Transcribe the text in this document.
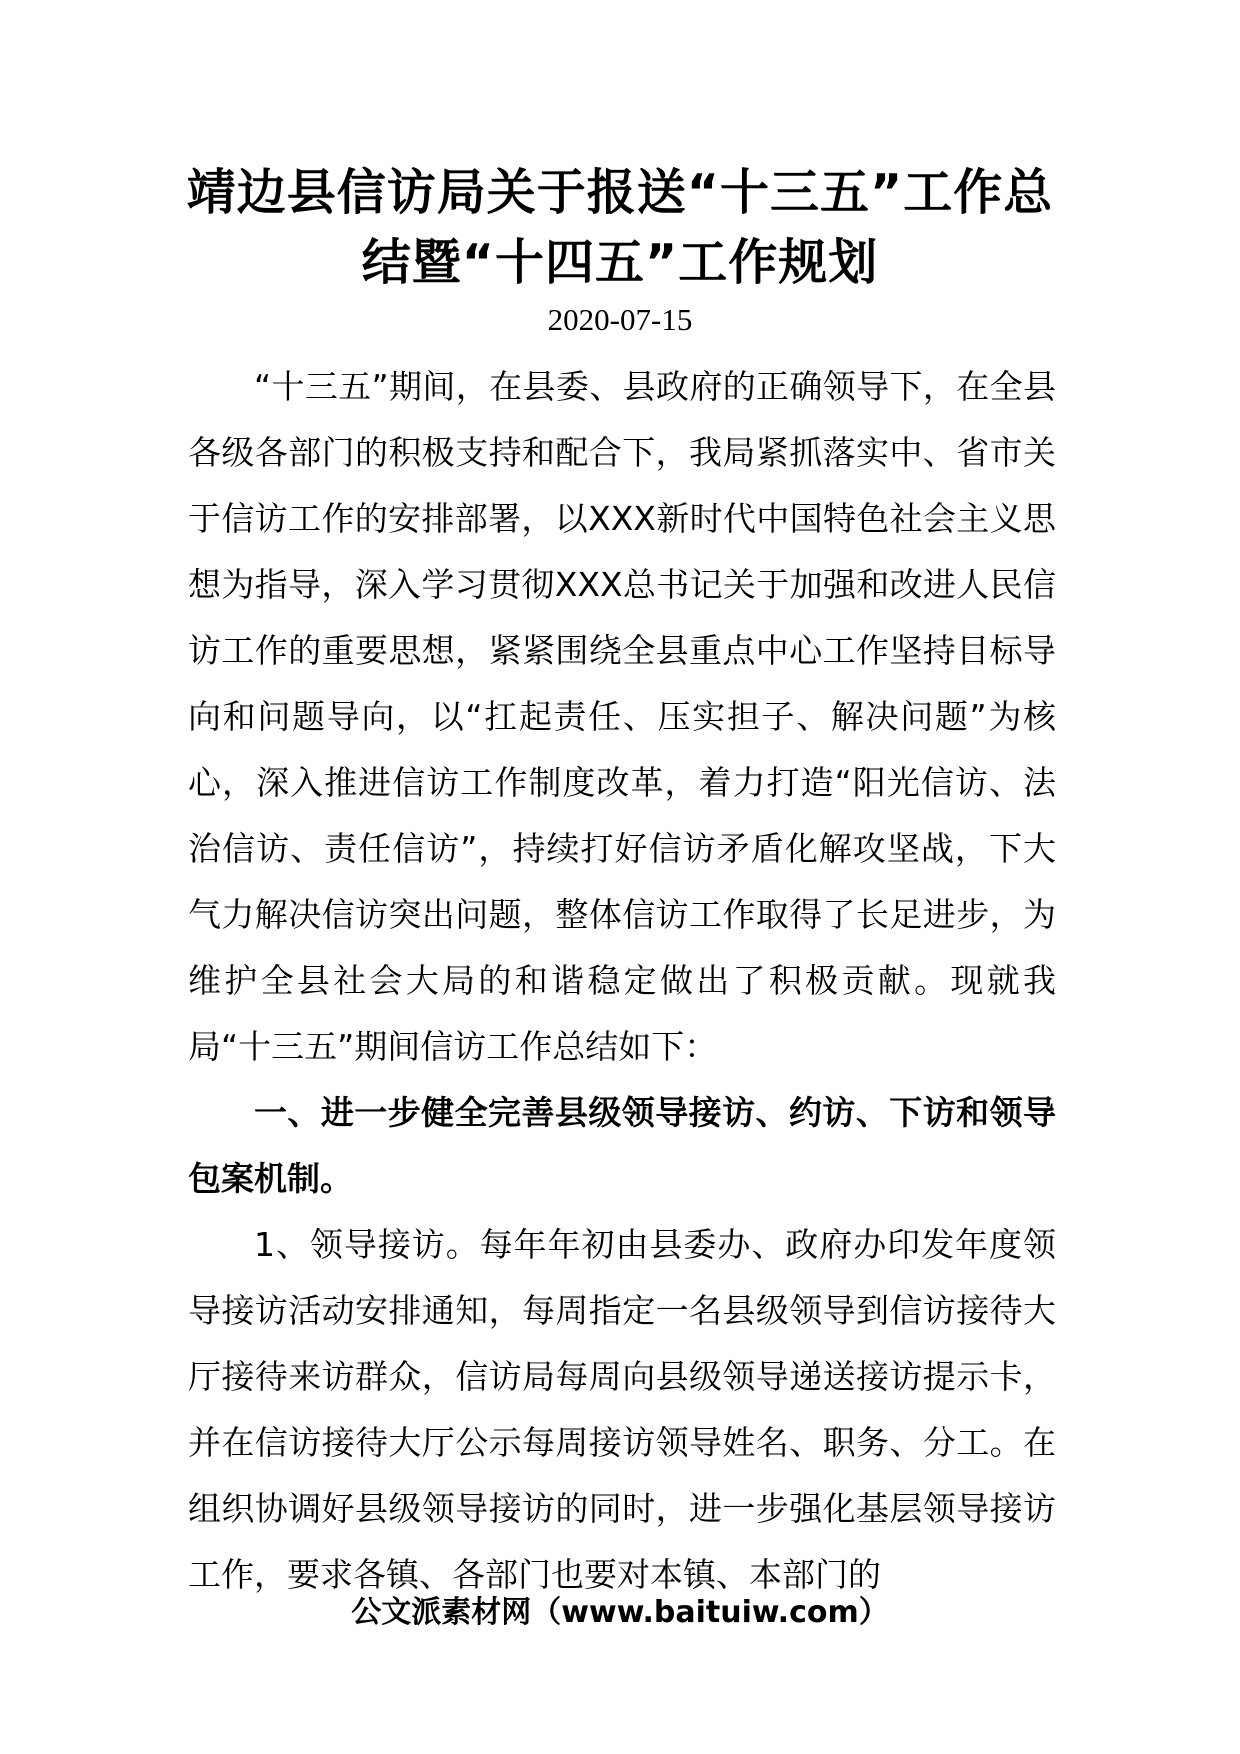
靖边县信访局关于报送“十三五”工作总
结暨“十四五”工作规划
2020-07-15

“十三五”期间，在县委、县政府的正确领导下，在全县各级各部门的积极支持和配合下，我局紧抓落实中、省市关于信访工作的安排部署，以XXX新时代中国特色社会主义思想为指导，深入学习贯彻XXX总书记关于加强和改进人民信访工作的重要思想，紧紧围绕全县重点中心工作坚持目标导向和问题导向，以“扛起责任、压实担子、解决问题”为核心，深入推进信访工作制度改革，着力打造“阳光信访、法治信访、责任信访”，持续打好信访矛盾化解攻坚战，下大气力解决信访突出问题，整体信访工作取得了长足进步，为维护全县社会大局的和谐稳定做出了积极贡献。现就我局“十三五”期间信访工作总结如下：

一、进一步健全完善县级领导接访、约访、下访和领导包案机制。

1、领导接访。每年年初由县委办、政府办印发年度领导接访活动安排通知，每周指定一名县级领导到信访接待大厅接待来访群众，信访局每周向县级领导递送接访提示卡，并在信访接待大厅公示每周接访领导姓名、职务、分工。在组织协调好县级领导接访的同时，进一步强化基层领导接访工作，要求各镇、各部门也要对本镇、本部门的

公文派素材网（www.baituiw.com）
